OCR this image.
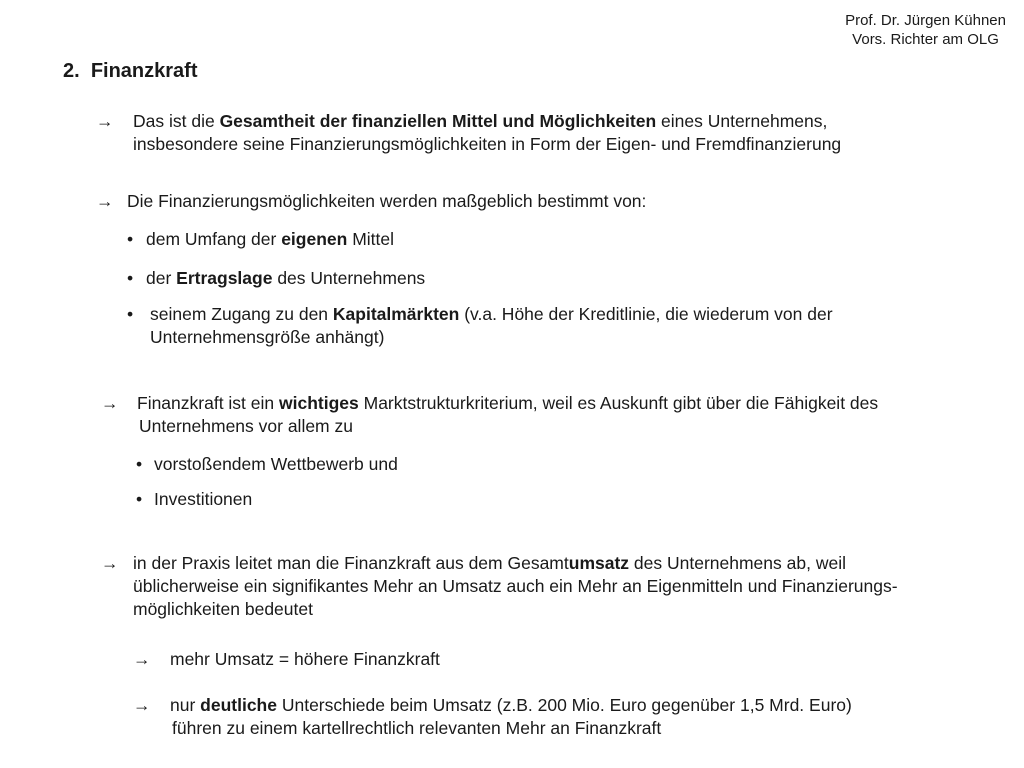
Prof. Dr. Jürgen Kühnen
Vors. Richter am OLG
2. Finanzkraft
→ Das ist die Gesamtheit der finanziellen Mittel und Möglichkeiten eines Unternehmens,
insbesondere seine Finanzierungsmöglichkeiten in Form der Eigen- und Fremdfinanzierung
→ Die Finanzierungsmöglichkeiten werden maßgeblich bestimmt von:
• dem Umfang der eigenen Mittel
• der Ertragslage des Unternehmens
• seinem Zugang zu den Kapitalmärkten (v.a. Höhe der Kreditlinie, die wiederum von der
Unternehmensgröße anhängt)
→ Finanzkraft ist ein wichtiges Marktstrukturkriterium, weil es Auskunft gibt über die Fähigkeit des
Unternehmens vor allem zu
• vorstoßendem Wettbewerb und
• Investitionen
→ in der Praxis leitet man die Finanzkraft aus dem Gesamtumsatz des Unternehmens ab, weil
üblicherweise ein signifikantes Mehr an Umsatz auch ein Mehr an Eigenmitteln und Finanzierungs-
möglichkeiten bedeutet
→ mehr Umsatz = höhere Finanzkraft
→ nur deutliche Unterschiede beim Umsatz (z.B. 200 Mio. Euro gegenüber 1,5 Mrd. Euro)
führen zu einem kartellrechtlich relevanten Mehr an Finanzkraft
